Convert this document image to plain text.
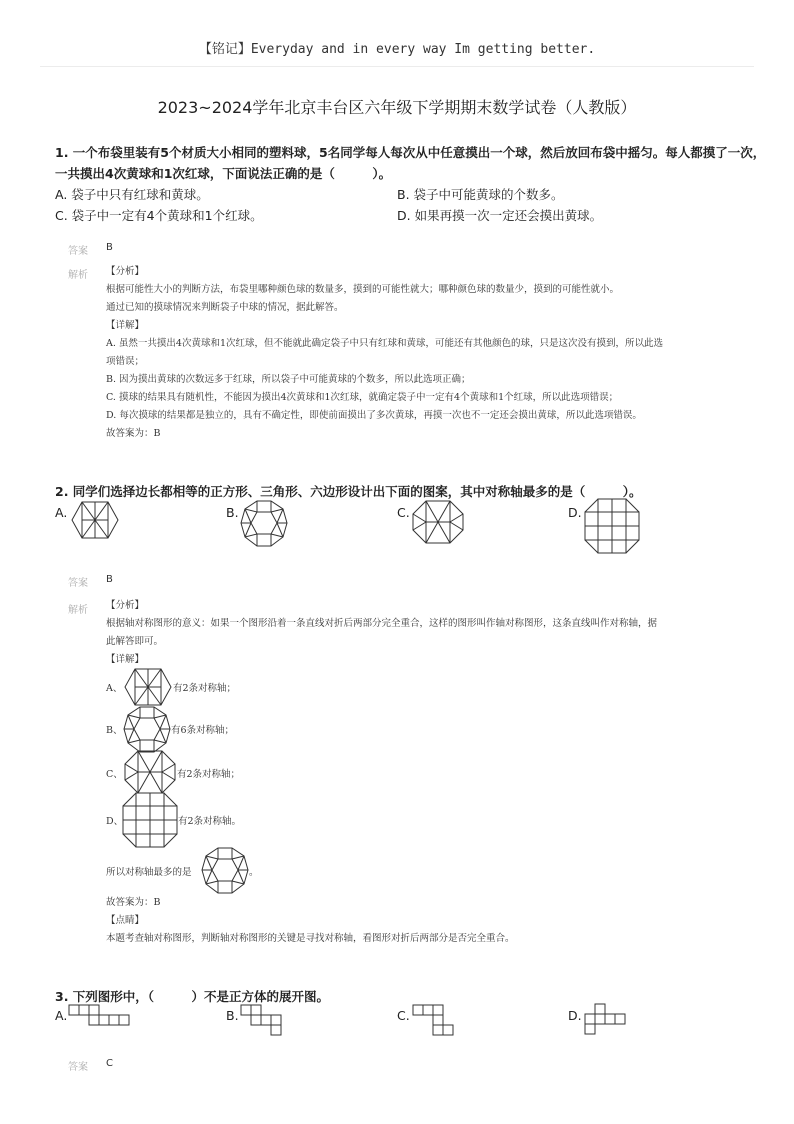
【铭记】Everyday and in every way Im getting better.
2023~2024学年北京丰台区六年级下学期期末数学试卷（人教版）
1. 一个布袋里装有5个材质大小相同的塑料球，5名同学每人每次从中任意摸出一个球，然后放回布袋中摇匀。每人都摸了一次，
一共摸出4次黄球和1次红球，下面说法正确的是（　　　）。
A. 袋子中只有红球和黄球。	B. 袋子中可能黄球的个数多。
C. 袋子中一定有4个黄球和1个红球。	D. 如果再摸一次一定还会摸出黄球。
答案 B
解析 【分析】
根据可能性大小的判断方法，布袋里哪种颜色球的数量多，摸到的可能性就大；哪种颜色球的数量少，摸到的可能性就小。
通过已知的摸球情况来判断袋子中球的情况，据此解答。
【详解】
A. 虽然一共摸出4次黄球和1次红球，但不能就此确定袋子中只有红球和黄球，可能还有其他颜色的球，只是这次没有摸到，所以此选
项错误；
B. 因为摸出黄球的次数远多于红球，所以袋子中可能黄球的个数多，所以此选项正确；
C. 摸球的结果具有随机性，不能因为摸出4次黄球和1次红球，就确定袋子中一定有4个黄球和1个红球，所以此选项错误；
D. 每次摸球的结果都是独立的，具有不确定性，即使前面摸出了多次黄球，再摸一次也不一定还会摸出黄球，所以此选项错误。
故答案为：B
2. 同学们选择边长都相等的正方形、三角形、六边形设计出下面的图案，其中对称轴最多的是（　　　）。
A.	B.	C.	D.
答案 B
解析 【分析】
根据轴对称图形的意义：如果一个图形沿着一条直线对折后两部分完全重合，这样的图形叫作轴对称图形，这条直线叫作对称轴，据
此解答即可。
【详解】
A、	有2条对称轴；
B、	有6条对称轴；
C、	有2条对称轴；
D、	有2条对称轴。
所以对称轴最多的是	。
故答案为：B
【点睛】
本题考查轴对称图形，判断轴对称图形的关键是寻找对称轴，看图形对折后两部分是否完全重合。
3. 下列图形中，（　　　）不是正方体的展开图。
A.	B.	C.	D.
答案 C
